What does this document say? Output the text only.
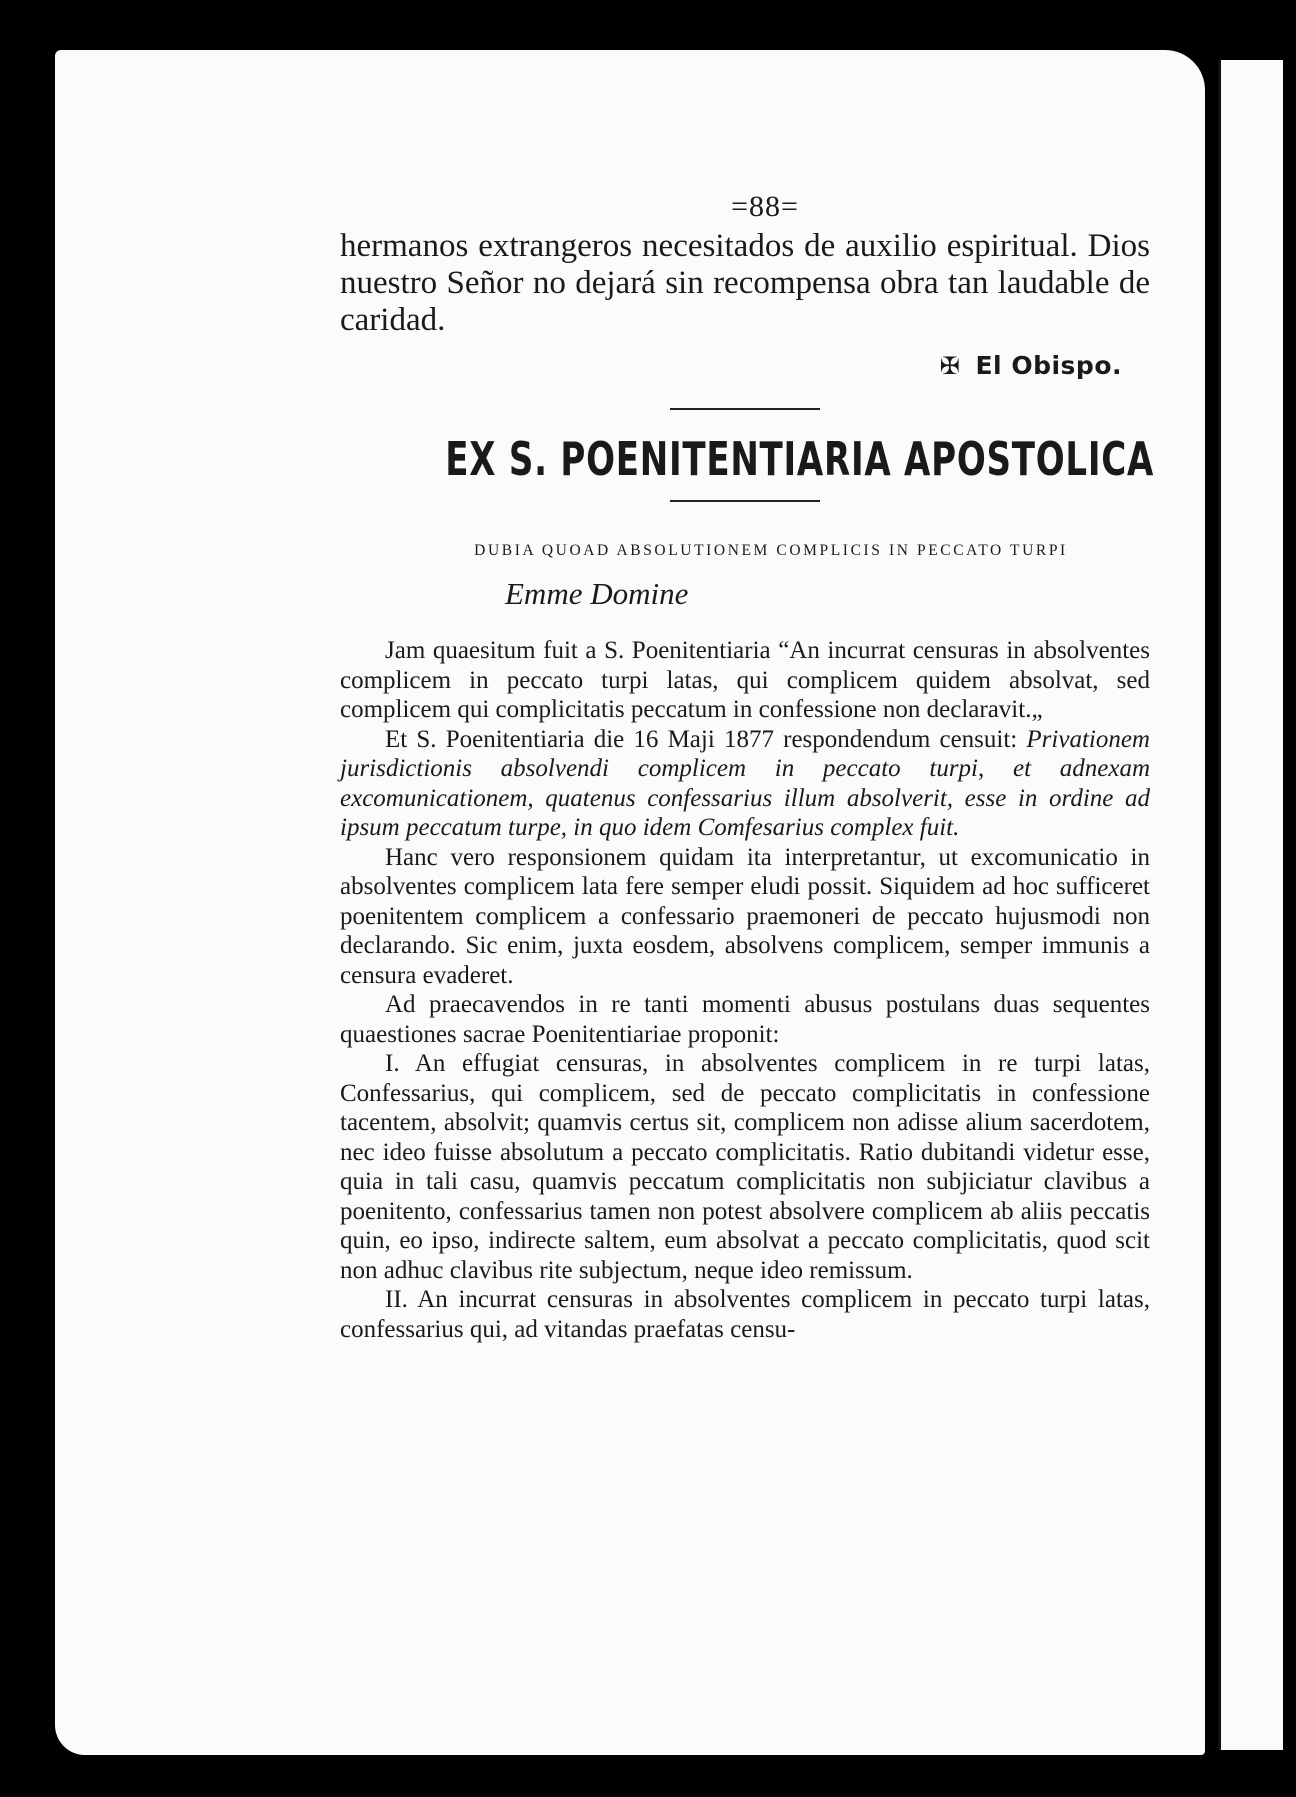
=88=

hermanos extrangeros necesitados de auxilio espiritual. Dios nuestro Señor no dejará sin recompensa obra tan laudable de caridad.

✠ El Obispo.
EX S. POENITENTIARIA APOSTOLICA
DUBIA QUOAD ABSOLUTIONEM COMPLICIS IN PECCATO TURPI
Emme Domine

Jam quaesitum fuit a S. Poenitentiaria “An incurrat censuras in absolventes complicem in peccato turpi latas, qui complicem quidem absolvat, sed complicem qui complicitatis peccatum in confessione non declaravit.„

Et S. Poenitentiaria die 16 Maji 1877 respondendum censuit: Privationem jurisdictionis absolvendi complicem in peccato turpi, et adnexam excomunicationem, quatenus confessarius illum absolverit, esse in ordine ad ipsum peccatum turpe, in quo idem Comfesarius complex fuit.

Hanc vero responsionem quidam ita interpretantur, ut excomunicatio in absolventes complicem lata fere semper eludi possit. Siquidem ad hoc sufficeret poenitentem complicem a confessario praemoneri de peccato hujusmodi non declarando. Sic enim, juxta eosdem, absolvens complicem, semper immunis a censura evaderet.

Ad praecavendos in re tanti momenti abusus postulans duas sequentes quaestiones sacrae Poenitentiariae proponit:

I. An effugiat censuras, in absolventes complicem in re turpi latas, Confessarius, qui complicem, sed de peccato complicitatis in confessione tacentem, absolvit; quamvis certus sit, complicem non adisse alium sacerdotem, nec ideo fuisse absolutum a peccato complicitatis. Ratio dubitandi videtur esse, quia in tali casu, quamvis peccatum complicitatis non subjiciatur clavibus a poenitento, confessarius tamen non potest absolvere complicem ab aliis peccatis quin, eo ipso, indirecte saltem, eum absolvat a peccato complicitatis, quod scit non adhuc clavibus rite subjectum, neque ideo remissum.

II. An incurrat censuras in absolventes complicem in peccato turpi latas, confessarius qui, ad vitandas praefatas censu-
